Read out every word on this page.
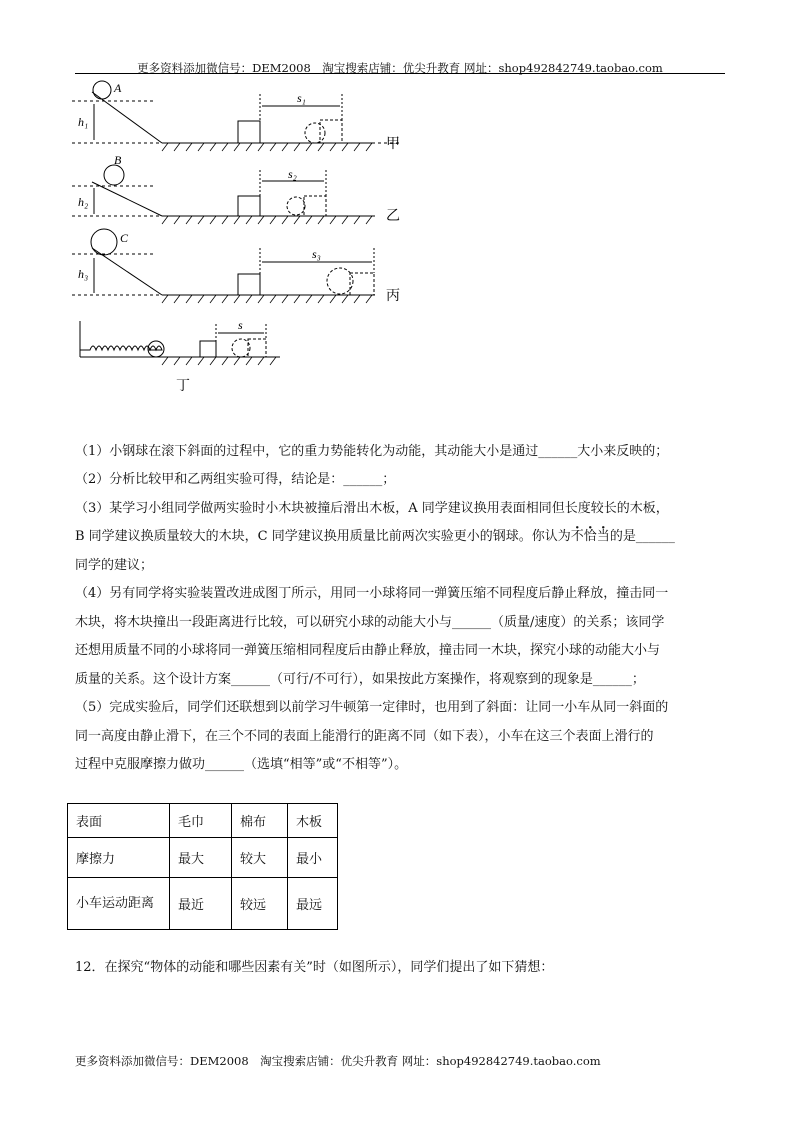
更多资料添加微信号：DEM2008　淘宝搜索店铺：优尖升教育 网址：shop492842749.taobao.com
A
h₁
s₁
B
h₂
s₂
C
h₃
s₃
s
甲
乙
丙
丁
（1）小钢球在滚下斜面的过程中，它的重力势能转化为动能，其动能大小是通过______大小来反映的；
（2）分析比较甲和乙两组实验可得，结论是：______；
（3）某学习小组同学做两实验时小木块被撞后滑出木板，A 同学建议换用表面相同但长度较长的木板，
B 同学建议换质量较大的木块，C 同学建议换用质量比前两次实验更小的钢球。你认为不恰当的是______
同学的建议；
（4）另有同学将实验装置改进成图丁所示，用同一小球将同一弹簧压缩不同程度后静止释放，撞击同一
木块，将木块撞出一段距离进行比较，可以研究小球的动能大小与______（质量/速度）的关系；该同学
还想用质量不同的小球将同一弹簧压缩相同程度后由静止释放，撞击同一木块，探究小球的动能大小与
质量的关系。这个设计方案______（可行/不可行），如果按此方案操作，将观察到的现象是______；
（5）完成实验后，同学们还联想到以前学习牛顿第一定律时，也用到了斜面：让同一小车从同一斜面的
同一高度由静止滑下，在三个不同的表面上能滑行的距离不同（如下表），小车在这三个表面上滑行的
过程中克服摩擦力做功______（选填“相等”或“不相等”）。
表面	毛巾	棉布	木板
摩擦力	最大	较大	最小
小车运动距离	最近	较远	最远
12．在探究“物体的动能和哪些因素有关”时（如图所示），同学们提出了如下猜想：
更多资料添加微信号：DEM2008　淘宝搜索店铺：优尖升教育 网址：shop492842749.taobao.com
